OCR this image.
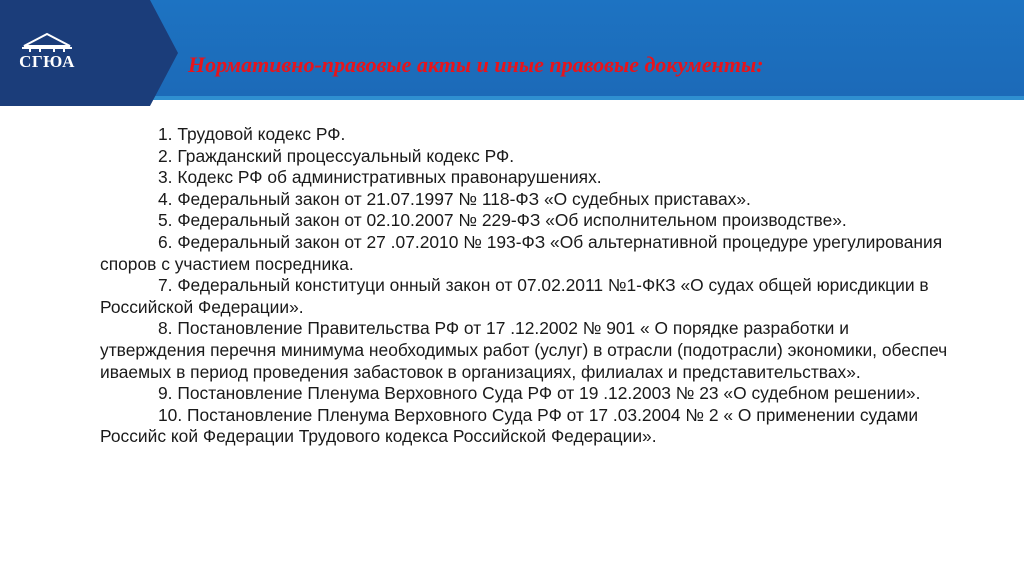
СГЮА	Нормативно-правовые акты и иные правовые документы:

1. Трудовой кодекс РФ.

2. Гражданский процессуальный кодекс РФ.

3. Кодекс РФ об административных правонарушениях.

4. Федеральный закон от 21.07.1997 № 118-ФЗ «О судебных приставах».

5. Федеральный закон от 02.10.2007 № 229-ФЗ «Об исполнительном производстве».

6. Федеральный закон от 27 .07.2010 № 193-ФЗ «Об альтернативной процедуре урегулирования споров с участием посредника.

7. Федеральный конституци онный закон от 07.02.2011 №1-ФКЗ «О судах общей юрисдикции в Российской Федерации».

8. Постановление Правительства РФ от 17 .12.2002 № 901 « О порядке разработки и утверждения перечня минимума необходимых работ (услуг) в отрасли (подотрасли) экономики, обеспеч иваемых в период проведения забастовок в организациях, филиалах и представительствах».

9. Постановление Пленума Верховного Суда РФ от 19 .12.2003 № 23 «О судебном решении».

10. Постановление Пленума Верховного Суда РФ от 17 .03.2004 № 2 « О применении судами Российс кой Федерации Трудового кодекса Российской Федерации».
